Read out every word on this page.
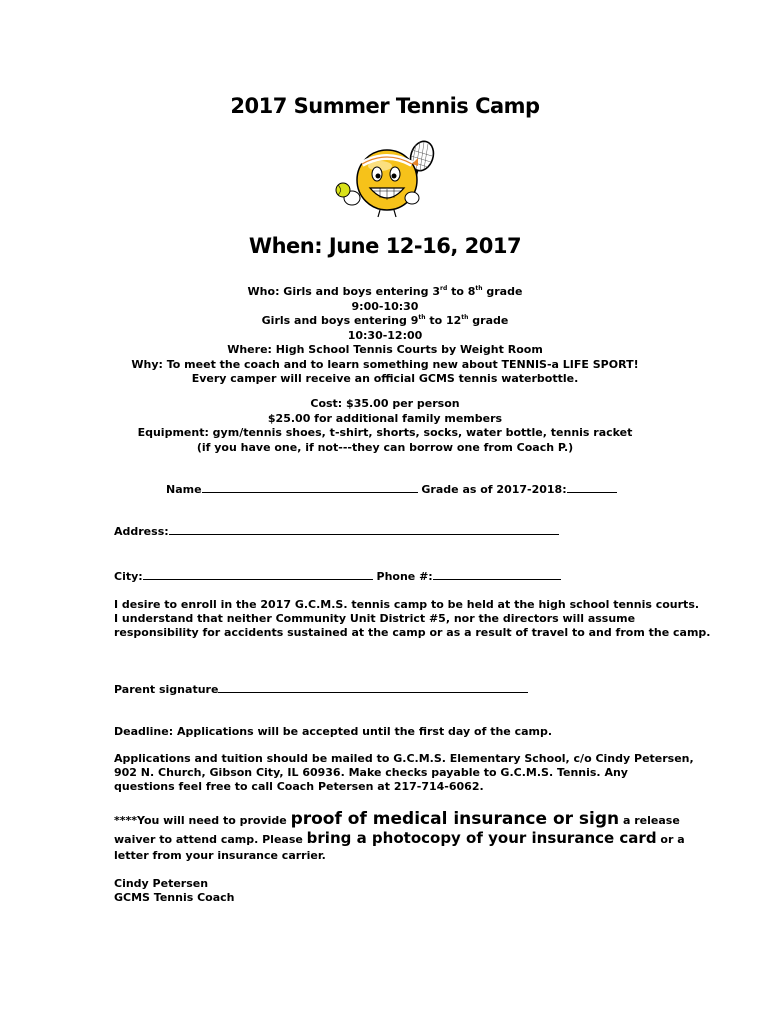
2017 Summer Tennis Camp
When: June 12-16, 2017
Who: Girls and boys entering 3rd to 8th grade
9:00-10:30
Girls and boys entering 9th to 12th grade
10:30-12:00
Where: High School Tennis Courts by Weight Room
Why: To meet the coach and to learn something new about TENNIS-a LIFE SPORT!
Every camper will receive an official GCMS tennis waterbottle.
Cost: $35.00 per person
$25.00 for additional family members
Equipment: gym/tennis shoes, t-shirt, shorts, socks, water bottle, tennis racket
(if you have one, if not---they can borrow one from Coach P.)
Name	Grade as of 2017-2018:
Address:
City:	Phone #:
I desire to enroll in the 2017 G.C.M.S. tennis camp to be held at the high school tennis courts.
I understand that neither Community Unit District #5, nor the directors will assume
responsibility for accidents sustained at the camp or as a result of travel to and from the camp.
Parent signature
Deadline: Applications will be accepted until the first day of the camp.
Applications and tuition should be mailed to G.C.M.S. Elementary School, c/o Cindy Petersen,
902 N. Church, Gibson City, IL 60936. Make checks payable to G.C.M.S. Tennis. Any
questions feel free to call Coach Petersen at 217-714-6062.
****You will need to provide proof of medical insurance or sign a release
waiver to attend camp. Please bring a photocopy of your insurance card or a
letter from your insurance carrier.
Cindy Petersen
GCMS Tennis Coach
